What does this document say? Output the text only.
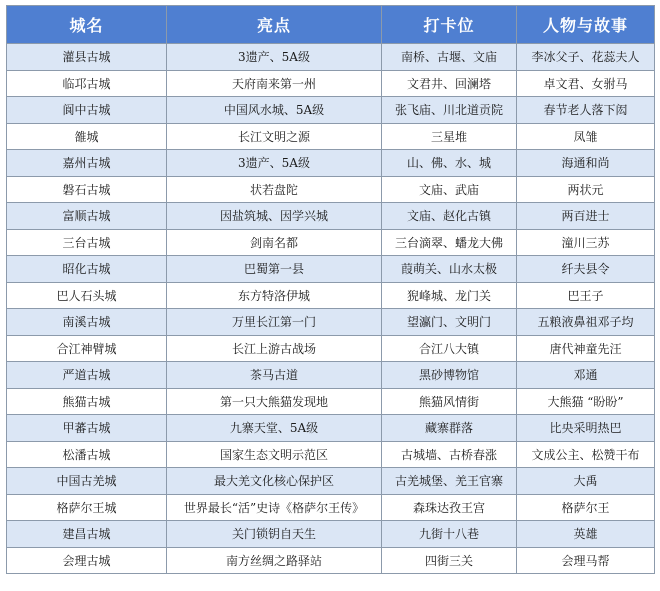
城名	亮点	打卡位	人物与故事
灌县古城	3遗产、5A级	南桥、古堰、文庙	李冰父子、花蕊夫人
临邛古城	天府南来第一州	文君井、回澜塔	卓文君、女驸马
阆中古城	中国风水城、5A级	张飞庙、川北道贡院	春节老人落下闳
雒城	长江文明之源	三星堆	凤雏
嘉州古城	3遗产、5A级	山、佛、水、城	海通和尚
磐石古城	状若盘陀	文庙、武庙	两状元
富顺古城	因盐筑城、因学兴城	文庙、赵化古镇	两百进士
三台古城	剑南名都	三台滴翠、蟠龙大佛	潼川三苏
昭化古城	巴蜀第一县	葭萌关、山水太极	纤夫县令
巴人石头城	东方特洛伊城	猊峰城、龙门关	巴王子
南溪古城	万里长江第一门	望瀛门、文明门	五粮液鼻祖邓子均
合江神臂城	长江上游古战场	合江八大镇	唐代神童先汪
严道古城	茶马古道	黑砂博物馆	邓通
熊猫古城	第一只大熊猫发现地	熊猫风情街	大熊猫 “盼盼”
甲蕃古城	九寨天堂、5A级	藏寨群落	比央采明热巴
松潘古城	国家生态文明示范区	古城墙、古桥春涨	文成公主、松赞干布
中国古羌城	最大羌文化核心保护区	古羌城堡、羌王官寨	大禹
格萨尔王城	世界最长“活”史诗《格萨尔王传》	森珠达孜王宫	格萨尔王
建昌古城	关门锁钥自天生	九街十八巷	英雄
会理古城	南方丝绸之路驿站	四街三关	会理马帮
